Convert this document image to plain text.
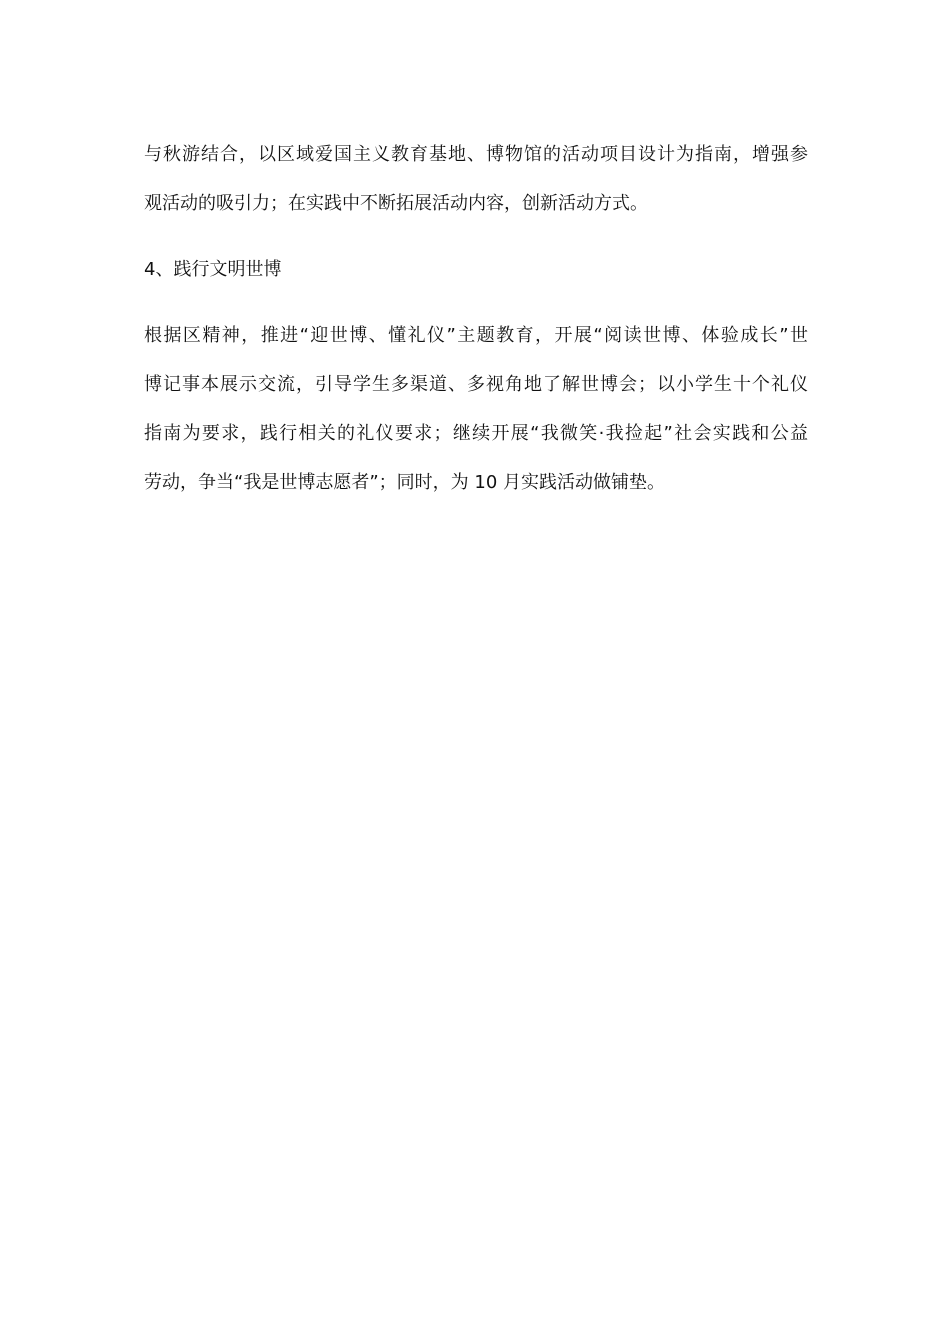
与秋游结合，以区域爱国主义教育基地、博物馆的活动项目设计为指南，增强参
观活动的吸引力；在实践中不断拓展活动内容，创新活动方式。
4、践行文明世博
根据区精神，推进“迎世博、懂礼仪”主题教育，开展“阅读世博、体验成长”世
博记事本展示交流，引导学生多渠道、多视角地了解世博会；以小学生十个礼仪
指南为要求，践行相关的礼仪要求；继续开展“我微笑·我捡起”社会实践和公益
劳动，争当“我是世博志愿者”；同时，为 10 月实践活动做铺垫。
